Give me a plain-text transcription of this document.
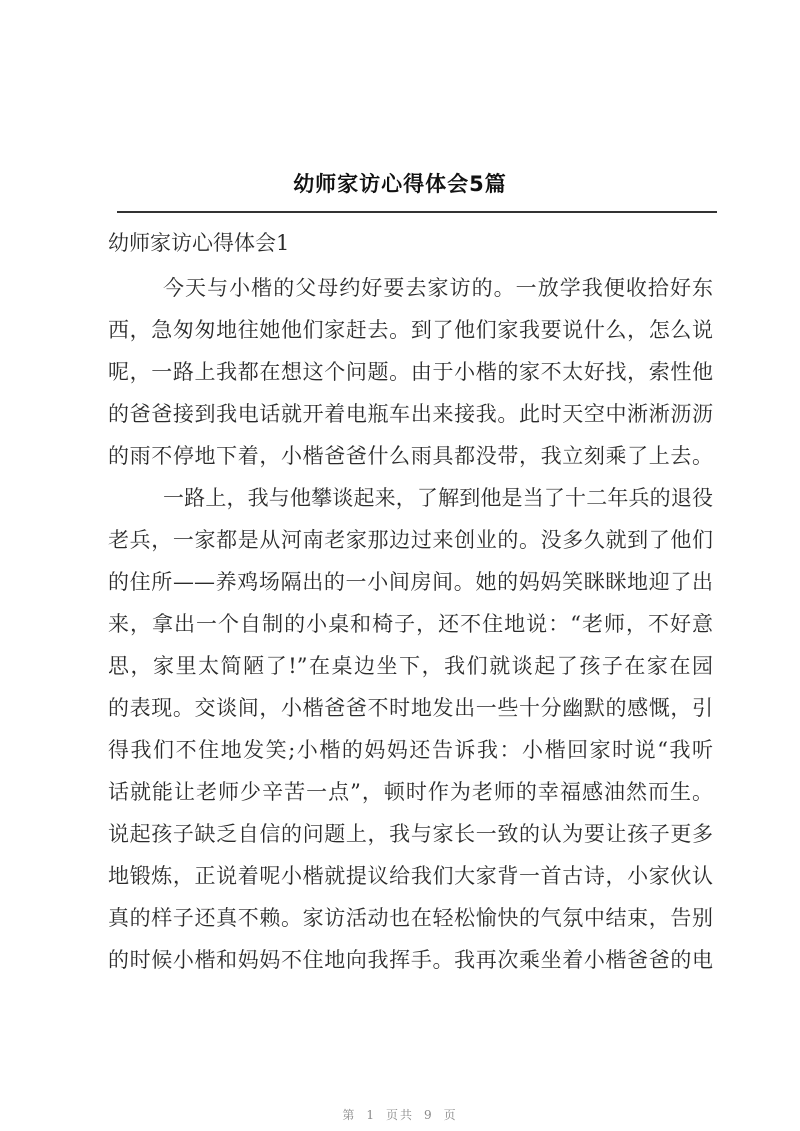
幼师家访心得体会5篇
幼师家访心得体会1
今天与小楷的父母约好要去家访的。一放学我便收拾好东
西，急匆匆地往她他们家赶去。到了他们家我要说什么，怎么说
呢，一路上我都在想这个问题。由于小楷的家不太好找，索性他
的爸爸接到我电话就开着电瓶车出来接我。此时天空中淅淅沥沥
的雨不停地下着，小楷爸爸什么雨具都没带，我立刻乘了上去。
一路上，我与他攀谈起来，了解到他是当了十二年兵的退役
老兵，一家都是从河南老家那边过来创业的。没多久就到了他们
的住所——养鸡场隔出的一小间房间。她的妈妈笑眯眯地迎了出
来，拿出一个自制的小桌和椅子，还不住地说：“老师，不好意
思，家里太简陋了!”在桌边坐下，我们就谈起了孩子在家在园
的表现。交谈间，小楷爸爸不时地发出一些十分幽默的感慨，引
得我们不住地发笑;小楷的妈妈还告诉我：小楷回家时说“我听
话就能让老师少辛苦一点”，顿时作为老师的幸福感油然而生。
说起孩子缺乏自信的问题上，我与家长一致的认为要让孩子更多
地锻炼，正说着呢小楷就提议给我们大家背一首古诗，小家伙认
真的样子还真不赖。家访活动也在轻松愉快的气氛中结束，告别
的时候小楷和妈妈不住地向我挥手。我再次乘坐着小楷爸爸的电
第 1 页共 9 页
